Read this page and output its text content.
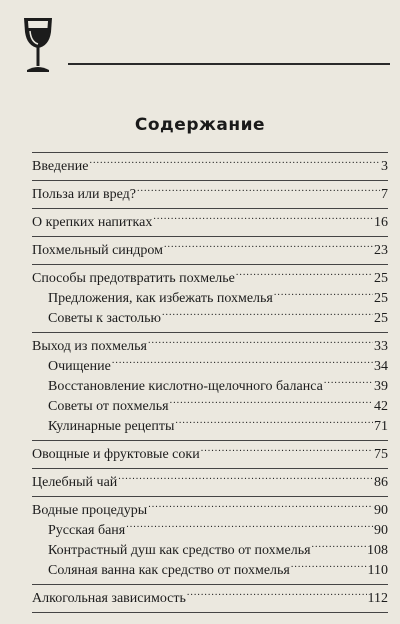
Содержание
Введение .....	3
Польза или вред? .....	7
О крепких напитках .....	16
Похмельный синдром .....	23
Способы предотвратить похмелье .....	25
Предложения, как избежать похмелья .....	25
Советы к застолью .....	25
Выход из похмелья .....	33
Очищение .....	34
Восстановление кислотно-щелочного баланса .....	39
Советы от похмелья .....	42
Кулинарные рецепты .....	71
Овощные и фруктовые соки .....	75
Целебный чай .....	86
Водные процедуры .....	90
Русская баня .....	90
Контрастный душ как средство от похмелья .....	108
Соляная ванна как средство от похмелья .....	110
Алкогольная зависимость .....	112
